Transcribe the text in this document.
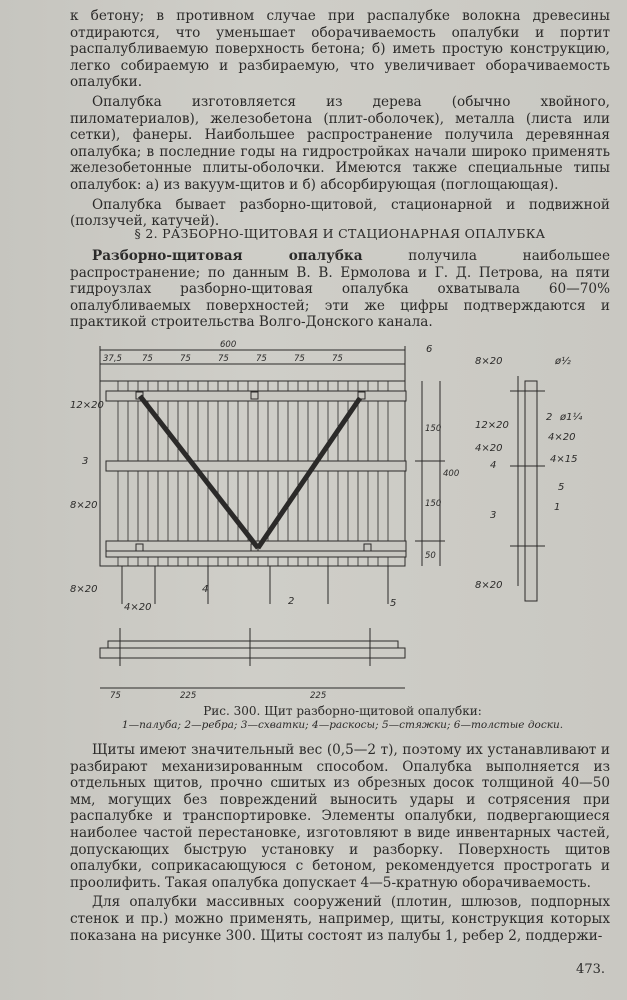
к бетону; в противном случае при распалубке волокна древесины отдираются, что уменьшает оборачиваемость опалубки и портит распалубливаемую поверхность бетона; б) иметь простую конструкцию, легко собираемую и разбираемую, что увеличивает оборачиваемость опалубки.

Опалубка изготовляется из дерева (обычно хвойного, пиломатериалов), железобетона (плит-оболочек), металла (листа или сетки), фанеры. Наибольшее распространение получила деревянная опалубка; в последние годы на гидростройках начали широко применять железобетонные плиты-оболочки. Имеются также специальные типы опалубок: а) из вакуум-щитов и б) абсорбирующая (поглощающая).

Опалубка бывает разборно-щитовой, стационарной и подвижной (ползучей, катучей).

§ 2. РАЗБОРНО-ЩИТОВАЯ И СТАЦИОНАРНАЯ ОПАЛУБКА

Разборно-щитовая опалубка получила наибольшее распространение; по данным В. В. Ермолова и Г. Д. Петрова, на пяти гидроузлах разборно-щитовая опалубка охватывала 60—70% опалубливаемых поверхностей; эти же цифры подтверждаются и практикой строительства Волго-Донского канала.

37,5 75	75	75	75	75	75
600
150
150
50
400
75	225	225
12×20
3
8×20
8×20
4×20
6
4
2	5
8×20	ø½
12×20
2 ø1¼
4×20
4×20
4
4×15
5
3
1
8×20
Рис. 300. Щит разборно-щитовой опалубки:
1—палуба; 2—ребра; 3—схватки; 4—раскосы; 5—стяжки; 6—толстые доски.

Щиты имеют значительный вес (0,5—2 т), поэтому их устанавливают и разбирают механизированным способом. Опалубка выполняется из отдельных щитов, прочно сшитых из обрезных досок толщиной 40—50 мм, могущих без повреждений выносить удары и сотрясения при распалубке и транспортировке. Элементы опалубки, подвергающиеся наиболее частой перестановке, изготовляют в виде инвентарных частей, допускающих быструю установку и разборку. Поверхность щитов опалубки, соприкасающуюся с бетоном, рекомендуется прострогать и проолифить. Такая опалубка допускает 4—5-кратную оборачиваемость.

Для опалубки массивных сооружений (плотин, шлюзов, подпорных стенок и пр.) можно применять, например, щиты, конструкция которых показана на рисунке 300. Щиты состоят из палубы 1, ребер 2, поддержи-

473.
